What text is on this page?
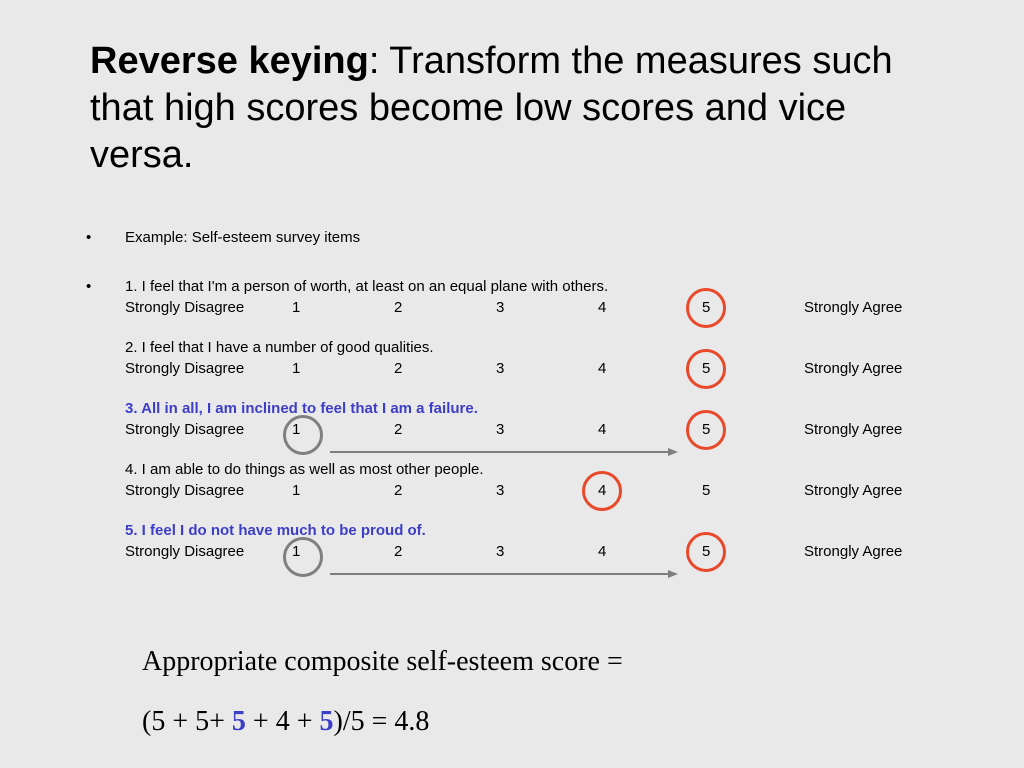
Reverse keying: Transform the measures such
that high scores become low scores and vice
versa.
• Example: Self-esteem survey items
• 1. I feel that I'm a person of worth, at least on an equal plane with others.
Strongly Disagree	1	2	3	4	5	Strongly Agree
2. I feel that I have a number of good qualities.
Strongly Disagree	1	2	3	4	5	Strongly Agree
3. All in all, I am inclined to feel that I am a failure.
Strongly Disagree	1	2	3	4	5	Strongly Agree
4. I am able to do things as well as most other people.
Strongly Disagree	1	2	3	4	5	Strongly Agree
5. I feel I do not have much to be proud of.
Strongly Disagree	1	2	3	4	5	Strongly Agree
Appropriate composite self-esteem score =
(5 + 5+ 5 + 4 + 5)/5 = 4.8
